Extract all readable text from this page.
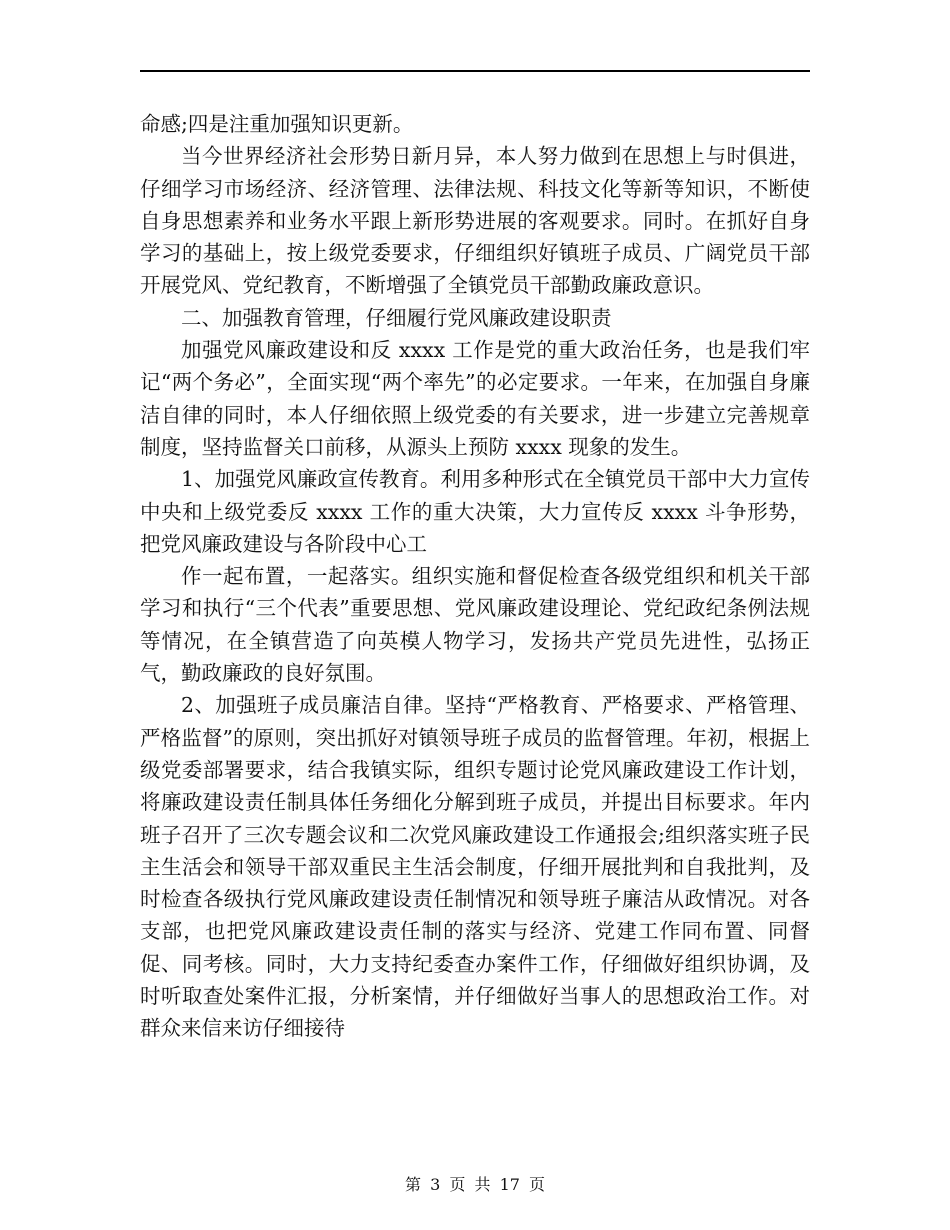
命感;四是注重加强知识更新。

当今世界经济社会形势日新月异，本人努力做到在思想上与时俱进，仔细学习市场经济、经济管理、法律法规、科技文化等新等知识，不断使自身思想素养和业务水平跟上新形势进展的客观要求。同时。在抓好自身学习的基础上，按上级党委要求，仔细组织好镇班子成员、广阔党员干部开展党风、党纪教育，不断增强了全镇党员干部勤政廉政意识。

二、加强教育管理，仔细履行党风廉政建设职责

加强党风廉政建设和反 xxxx 工作是党的重大政治任务，也是我们牢记“两个务必”，全面实现“两个率先”的必定要求。一年来，在加强自身廉洁自律的同时，本人仔细依照上级党委的有关要求，进一步建立完善规章制度，坚持监督关口前移，从源头上预防 xxxx 现象的发生。

1、加强党风廉政宣传教育。利用多种形式在全镇党员干部中大力宣传中央和上级党委反 xxxx 工作的重大决策，大力宣传反 xxxx 斗争形势，把党风廉政建设与各阶段中心工

作一起布置，一起落实。组织实施和督促检查各级党组织和机关干部学习和执行“三个代表”重要思想、党风廉政建设理论、党纪政纪条例法规等情况，在全镇营造了向英模人物学习，发扬共产党员先进性，弘扬正气，勤政廉政的良好氛围。

2、加强班子成员廉洁自律。坚持“严格教育、严格要求、严格管理、严格监督”的原则，突出抓好对镇领导班子成员的监督管理。年初，根据上级党委部署要求，结合我镇实际，组织专题讨论党风廉政建设工作计划，将廉政建设责任制具体任务细化分解到班子成员，并提出目标要求。年内班子召开了三次专题会议和二次党风廉政建设工作通报会;组织落实班子民主生活会和领导干部双重民主生活会制度，仔细开展批判和自我批判，及时检查各级执行党风廉政建设责任制情况和领导班子廉洁从政情况。对各支部，也把党风廉政建设责任制的落实与经济、党建工作同布置、同督促、同考核。同时，大力支持纪委查办案件工作，仔细做好组织协调，及时听取查处案件汇报，分析案情，并仔细做好当事人的思想政治工作。对群众来信来访仔细接待

第 3 页 共 17 页
